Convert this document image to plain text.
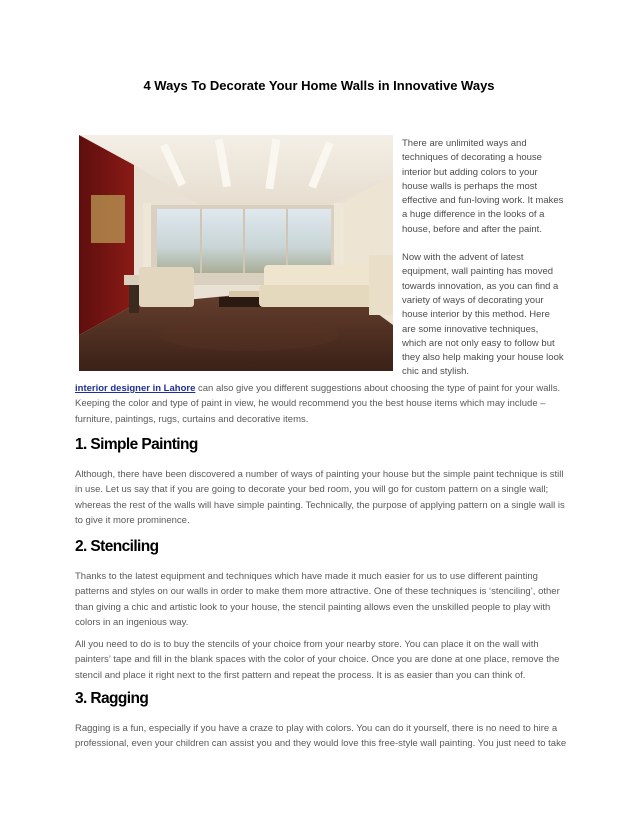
4 Ways To Decorate Your Home Walls in Innovative Ways

There are unlimited ways and techniques of decorating a house interior but adding colors to your house walls is perhaps the most effective and fun-loving work. It makes a huge difference in the looks of a house, before and after the paint.

Now with the advent of latest equipment, wall painting has moved towards innovation, as you can find a variety of ways of decorating your house interior by this method. Here are some innovative techniques, which are not only easy to follow but they also help making your house look chic and stylish.

interior designer in Lahore can also give you different suggestions about choosing the type of paint for your walls. Keeping the color and type of paint in view, he would recommend you the best house items which may include – furniture, paintings, rugs, curtains and decorative items.

1. Simple Painting

Although, there have been discovered a number of ways of painting your house but the simple paint technique is still in use. Let us say that if you are going to decorate your bed room, you will go for custom pattern on a single wall; whereas the rest of the walls will have simple painting. Technically, the purpose of applying pattern on a single wall is to give it more prominence.

2. Stenciling

Thanks to the latest equipment and techniques which have made it much easier for us to use different painting patterns and styles on our walls in order to make them more attractive. One of these techniques is ‘stenciling’, other than giving a chic and artistic look to your house, the stencil painting allows even the unskilled people to play with colors in an ingenious way.

All you need to do is to buy the stencils of your choice from your nearby store. You can place it on the wall with painters’ tape and fill in the blank spaces with the color of your choice. Once you are done at one place, remove the stencil and place it right next to the first pattern and repeat the process. It is as easier than you can think of.

3. Ragging

Ragging is a fun, especially if you have a craze to play with colors. You can do it yourself, there is no need to hire a professional, even your children can assist you and they would love this free-style wall painting. You just need to take
